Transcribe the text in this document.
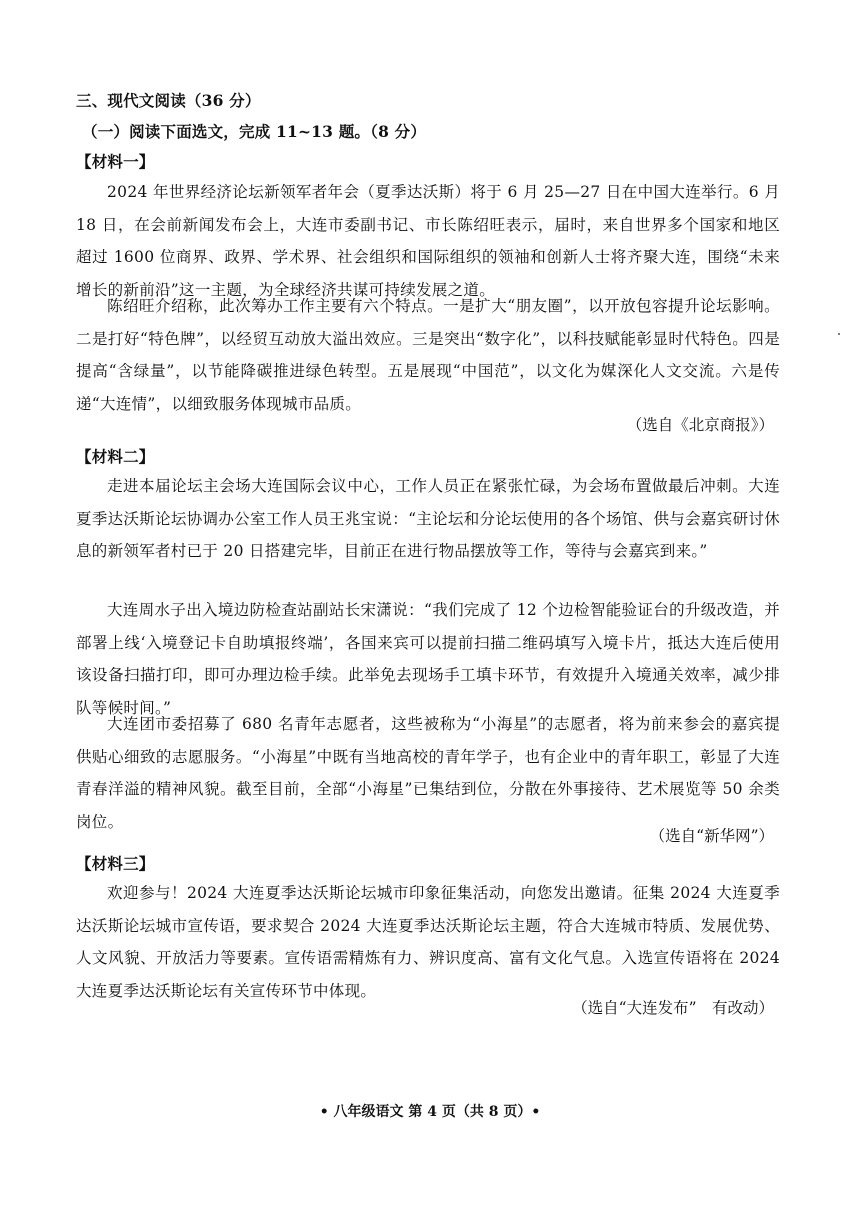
三、现代文阅读（36 分）
（一）阅读下面选文，完成 11~13 题。（8 分）
【材料一】
2024 年世界经济论坛新领军者年会（夏季达沃斯）将于 6 月 25—27 日在中国大连举行。6 月 18 日，在会前新闻发布会上，大连市委副书记、市长陈绍旺表示，届时，来自世界多个国家和地区超过 1600 位商界、政界、学术界、社会组织和国际组织的领袖和创新人士将齐聚大连，围绕“未来增长的新前沿”这一主题，为全球经济共谋可持续发展之道。
陈绍旺介绍称，此次筹办工作主要有六个特点。一是扩大“朋友圈”，以开放包容提升论坛影响。二是打好“特色牌”，以经贸互动放大溢出效应。三是突出“数字化”，以科技赋能彰显时代特色。四是提高“含绿量”，以节能降碳推进绿色转型。五是展现“中国范”，以文化为媒深化人文交流。六是传递“大连情”，以细致服务体现城市品质。
（选自《北京商报》）
【材料二】
走进本届论坛主会场大连国际会议中心，工作人员正在紧张忙碌，为会场布置做最后冲刺。大连夏季达沃斯论坛协调办公室工作人员王兆宝说：“主论坛和分论坛使用的各个场馆、供与会嘉宾研讨休息的新领军者村已于 20 日搭建完毕，目前正在进行物品摆放等工作，等待与会嘉宾到来。”
大连周水子出入境边防检查站副站长宋潇说：“我们完成了 12 个边检智能验证台的升级改造，并部署上线‘入境登记卡自助填报终端’，各国来宾可以提前扫描二维码填写入境卡片，抵达大连后使用该设备扫描打印，即可办理边检手续。此举免去现场手工填卡环节，有效提升入境通关效率，减少排队等候时间。”
大连团市委招募了 680 名青年志愿者，这些被称为“小海星”的志愿者，将为前来参会的嘉宾提供贴心细致的志愿服务。“小海星”中既有当地高校的青年学子，也有企业中的青年职工，彰显了大连青春洋溢的精神风貌。截至目前，全部“小海星”已集结到位，分散在外事接待、艺术展览等 50 余类岗位。
（选自“新华网”）
【材料三】
欢迎参与！2024 大连夏季达沃斯论坛城市印象征集活动，向您发出邀请。征集 2024 大连夏季达沃斯论坛城市宣传语，要求契合 2024 大连夏季达沃斯论坛主题，符合大连城市特质、发展优势、人文风貌、开放活力等要素。宣传语需精炼有力、辨识度高、富有文化气息。入选宣传语将在 2024 大连夏季达沃斯论坛有关宣传环节中体现。
（选自“大连发布”　有改动）
• 八年级语文 第 4 页（共 8 页）•
